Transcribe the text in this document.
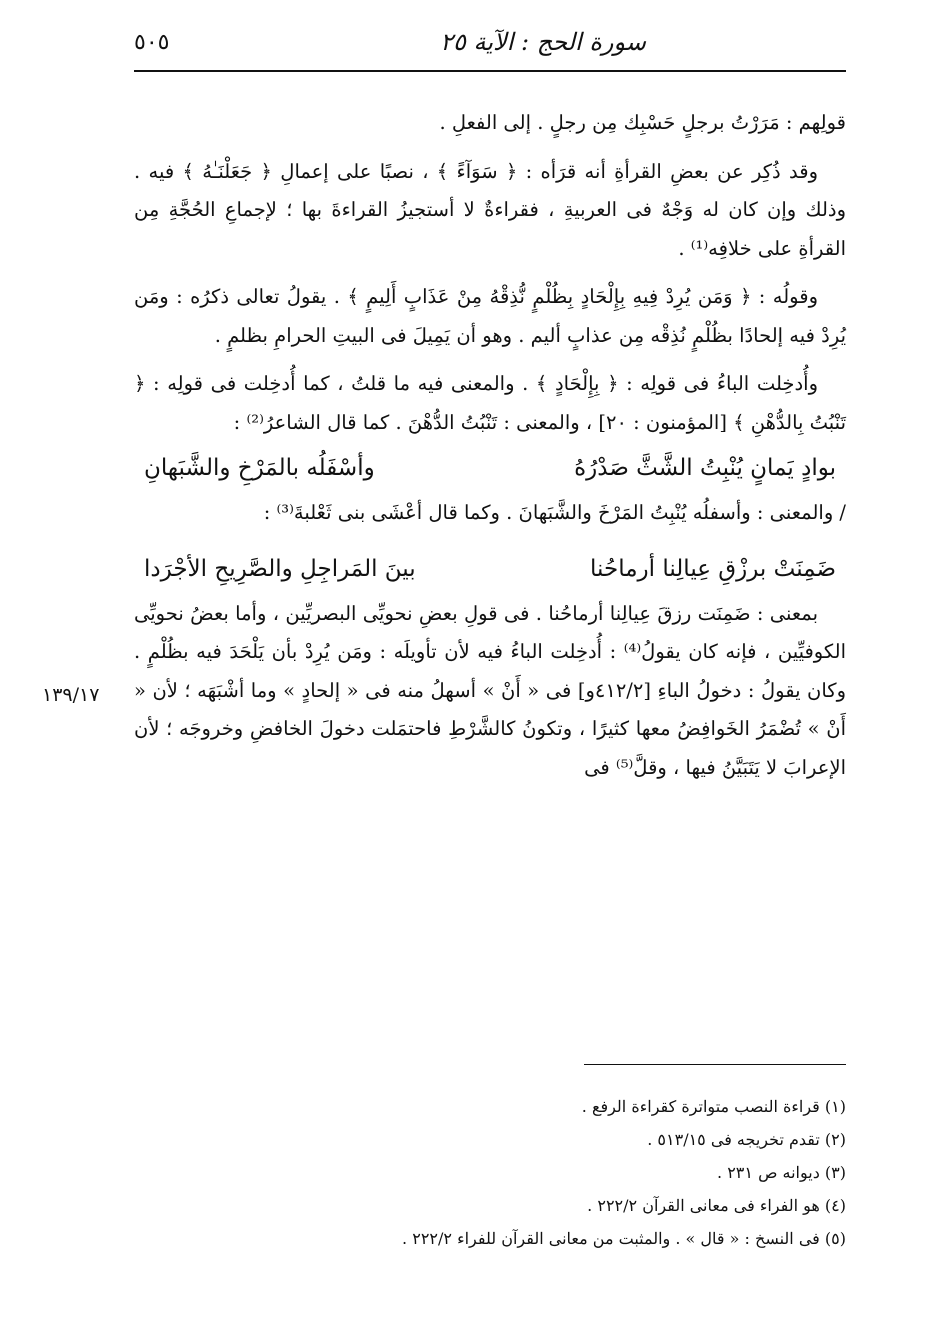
سورة الحج : الآية ٢٥
٥٠٥
١٣٩/١٧

قولِهم : مَرَرْتُ برجلٍ حَسْبِك مِن رجلٍ . إلى الفعلِ .

وقد ذُكِر عن بعضِ القرأةِ أنه قرَأه : ﴿ سَوَآءً ﴾ ، نصبًا على إعمالِ ﴿ جَعَلْنَـٰهُ ﴾ فيه . وذلك وإن كان له وَجْهٌ فى العربيةِ ، فقراءةٌ لا أستجيزُ القراءةَ بها ؛ لإجماعِ الحُجَّةِ مِن القرأةِ على خلافِه⁽¹⁾ .

وقولُه : ﴿ وَمَن يُرِدْ فِيهِ بِإِلْحَادٍ بِظُلْمٍ نُّذِقْهُ مِنْ عَذَابٍ أَلِيمٍ ﴾ . يقولُ تعالى ذكرُه : ومَن يُرِدْ فيه إلحادًا بظُلْمٍ نُذِقْه مِن عذابٍ أليم . وهو أن يَمِيلَ فى البيتِ الحرامِ بظلمٍ .

وأُدخِلت الباءُ فى قولِه : ﴿ بِإِلْحَادٍ ﴾ . والمعنى فيه ما قلتُ ، كما أُدخِلت فى قولِه : ﴿ تَنْبُتُ بِالدُّهْنِ ﴾ [المؤمنون : ٢٠] ، والمعنى : تَنْبُتُ الدُّهْنَ . كما قال الشاعرُ⁽²⁾ :

بوادٍ يَمانٍ يُنْبِتُ الشَّثَّ صَدْرُهُ
وأسْفَلُه بالمَرْخِ والشَّبَهانِ

/ والمعنى : وأسفلُه يُنْبِتُ المَرْخَ والشَّبَهانَ . وكما قال أعْشَى بنى ثَعْلبةَ⁽³⁾ :

ضَمِنَتْ برزْقِ عِيالِنا أرماحُنا
بينَ المَراجِلِ والصَّرِيحِ الأجْرَدا

بمعنى : ضَمِنَت رزقَ عِيالِنا أرماحُنا . فى قولِ بعضِ نحويِّى البصريِّين ، وأما بعضُ نحويِّى الكوفيِّين ، فإنه كان يقولُ⁽⁴⁾ : أُدخِلت الباءُ فيه لأن تأويلَه : ومَن يُرِدْ بأن يَلْحَدَ فيه بظُلْمٍ . وكان يقولُ : دخولُ الباءِ [٤١٢/٢و] فى « أَنْ » أسهلُ منه فى « إلحادٍ » وما أشْبَهَه ؛ لأن « أَنْ » تُضْمَرُ الخَوافِضُ معها كثيرًا ، وتكونُ كالشَّرْطِ فاحتمَلت دخولَ الخافضِ وخروجَه ؛ لأن الإعرابَ لا يَتَبَيَّنُ فيها ، وقلَّ⁽⁵⁾ فى

(١) قراءة النصب متواترة كقراءة الرفع .
(٢) تقدم تخريجه فى ٥١٣/١٥ .
(٣) ديوانه ص ٢٣١ .
(٤) هو الفراء فى معانى القرآن ٢٢٢/٢ .
(٥) فى النسخ : « قال » . والمثبت من معانى القرآن للفراء ٢٢٢/٢ .
